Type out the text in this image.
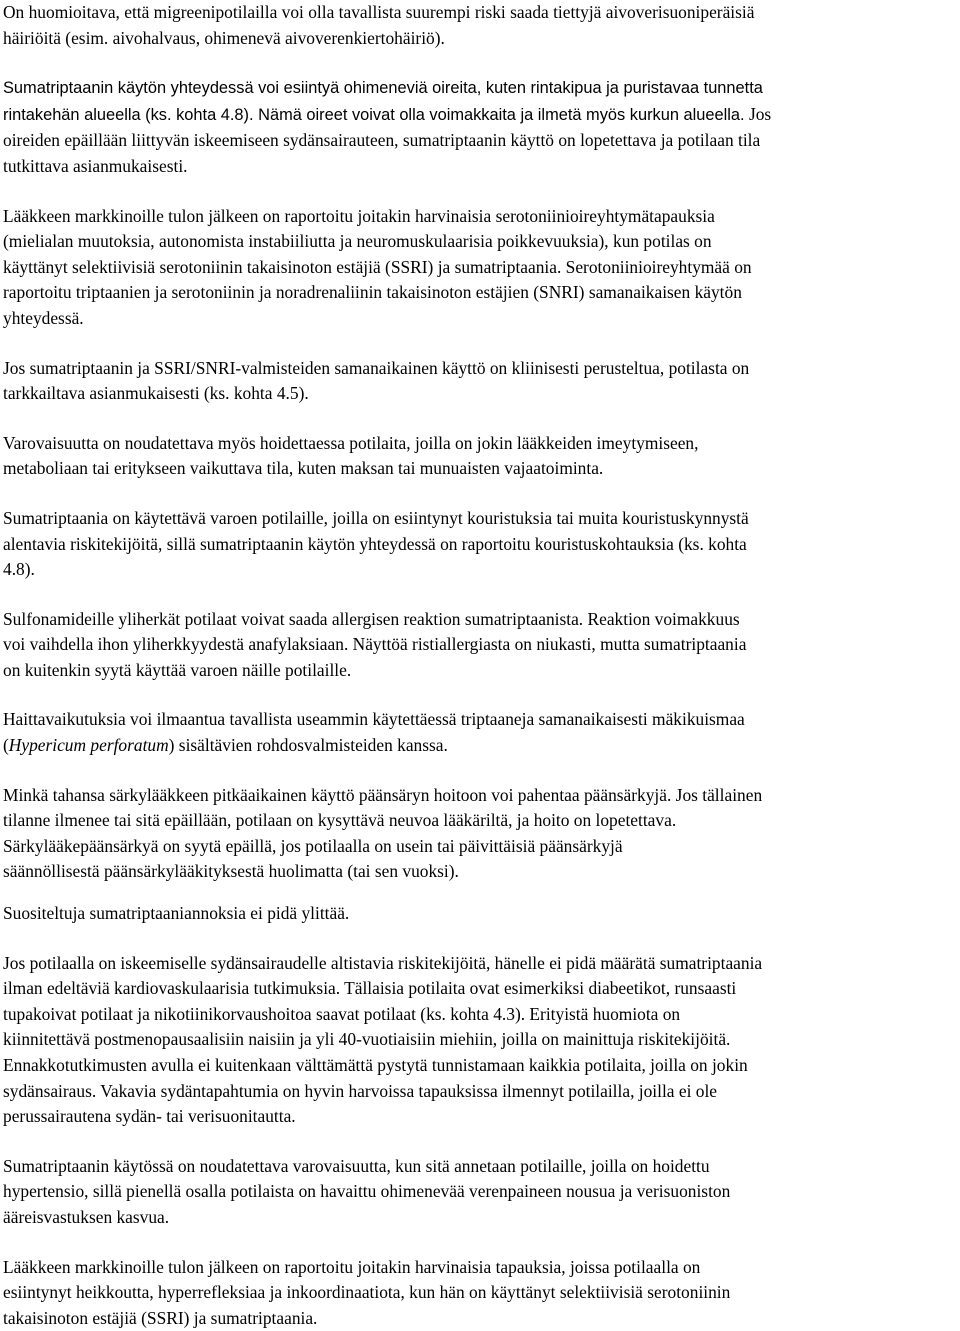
On huomioitava, että migreenipotilailla voi olla tavallista suurempi riski saada tiettyjä aivoverisuoniperäisiä
häiriöitä (esim. aivohalvaus, ohimenevä aivoverenkiertohäiriö).

Sumatriptaanin käytön yhteydessä voi esiintyä ohimeneviä oireita, kuten rintakipua ja puristavaa tunnetta
rintakehän alueella (ks. kohta 4.8). Nämä oireet voivat olla voimakkaita ja ilmetä myös kurkun alueella. Jos
oireiden epäillään liittyvän iskeemiseen sydänsairauteen, sumatriptaanin käyttö on lopetettava ja potilaan tila
tutkittava asianmukaisesti.

Lääkkeen markkinoille tulon jälkeen on raportoitu joitakin harvinaisia serotoniinioireyhtymätapauksia
(mielialan muutoksia, autonomista instabiiliutta ja neuromuskulaarisia poikkevuuksia), kun potilas on
käyttänyt selektiivisiä serotoniinin takaisinoton estäjiä (SSRI) ja sumatriptaania. Serotoniinioireyhtymää on
raportoitu triptaanien ja serotoniinin ja noradrenaliinin takaisinoton estäjien (SNRI) samanaikaisen käytön
yhteydessä.

Jos sumatriptaanin ja SSRI/SNRI-valmisteiden samanaikainen käyttö on kliinisesti perusteltua, potilasta on
tarkkailtava asianmukaisesti (ks. kohta 4.5).

Varovaisuutta on noudatettava myös hoidettaessa potilaita, joilla on jokin lääkkeiden imeytymiseen,
metaboliaan tai eritykseen vaikuttava tila, kuten maksan tai munuaisten vajaatoiminta.

Sumatriptaania on käytettävä varoen potilaille, joilla on esiintynyt kouristuksia tai muita kouristuskynnystä
alentavia riskitekijöitä, sillä sumatriptaanin käytön yhteydessä on raportoitu kouristuskohtauksia (ks. kohta
4.8).

Sulfonamideille yliherkät potilaat voivat saada allergisen reaktion sumatriptaanista. Reaktion voimakkuus
voi vaihdella ihon yliherkkyydestä anafylaksiaan. Näyttöä ristiallergiasta on niukasti, mutta sumatriptaania
on kuitenkin syytä käyttää varoen näille potilaille.

Haittavaikutuksia voi ilmaantua tavallista useammin käytettäessä triptaaneja samanaikaisesti mäkikuismaa
(Hypericum perforatum) sisältävien rohdosvalmisteiden kanssa.

Minkä tahansa särkylääkkeen pitkäaikainen käyttö päänsäryn hoitoon voi pahentaa päänsärkyjä. Jos tällainen
tilanne ilmenee tai sitä epäillään, potilaan on kysyttävä neuvoa lääkäriltä, ja hoito on lopetettava.
Särkylääkepäänsärkyä on syytä epäillä, jos potilaalla on usein tai päivittäisiä päänsärkyjä
säännöllisestä päänsärkylääkityksestä huolimatta (tai sen vuoksi).

Suositeltuja sumatriptaaniannoksia ei pidä ylittää.

Jos potilaalla on iskeemiselle sydänsairaudelle altistavia riskitekijöitä, hänelle ei pidä määrätä sumatriptaania
ilman edeltäviä kardiovaskulaarisia tutkimuksia. Tällaisia potilaita ovat esimerkiksi diabeetikot, runsaasti
tupakoivat potilaat ja nikotiinikorvaushoitoa saavat potilaat (ks. kohta 4.3). Erityistä huomiota on
kiinnitettävä postmenopausaalisiin naisiin ja yli 40-vuotiaisiin miehiin, joilla on mainittuja riskitekijöitä.
Ennakkotutkimusten avulla ei kuitenkaan välttämättä pystytä tunnistamaan kaikkia potilaita, joilla on jokin
sydänsairaus. Vakavia sydäntapahtumia on hyvin harvoissa tapauksissa ilmennyt potilailla, joilla ei ole
perussairautena sydän- tai verisuonitautta.

Sumatriptaanin käytössä on noudatettava varovaisuutta, kun sitä annetaan potilaille, joilla on hoidettu
hypertensio, sillä pienellä osalla potilaista on havaittu ohimenevää verenpaineen nousua ja verisuoniston
ääreisvastuksen kasvua.

Lääkkeen markkinoille tulon jälkeen on raportoitu joitakin harvinaisia tapauksia, joissa potilaalla on
esiintynyt heikkoutta, hyperrefleksiaa ja inkoordinaatiota, kun hän on käyttänyt selektiivisiä serotoniinin
takaisinoton estäjiä (SSRI) ja sumatriptaania.
